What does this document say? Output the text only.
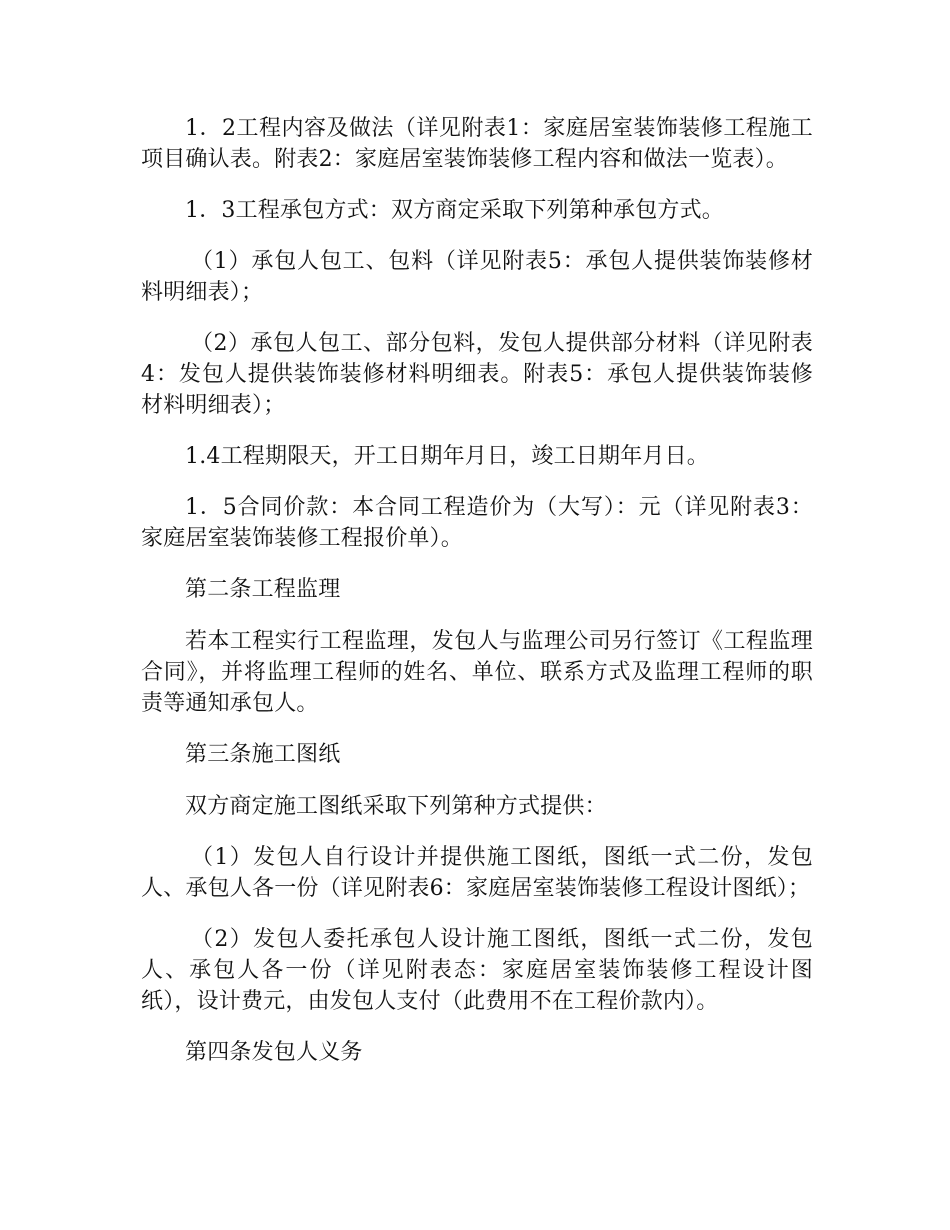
1．2工程内容及做法（详见附表1：家庭居室装饰装修工程施工项目确认表。附表2：家庭居室装饰装修工程内容和做法一览表）。

1．3工程承包方式：双方商定采取下列第种承包方式。

（1）承包人包工、包料（详见附表5：承包人提供装饰装修材料明细表）；

（2）承包人包工、部分包料，发包人提供部分材料（详见附表4：发包人提供装饰装修材料明细表。附表5：承包人提供装饰装修材料明细表）；

1.4工程期限天，开工日期年月日，竣工日期年月日。

1．5合同价款：本合同工程造价为（大写）：元（详见附表3：家庭居室装饰装修工程报价单）。

第二条工程监理

若本工程实行工程监理，发包人与监理公司另行签订《工程监理合同》，并将监理工程师的姓名、单位、联系方式及监理工程师的职责等通知承包人。

第三条施工图纸

双方商定施工图纸采取下列第种方式提供：

（1）发包人自行设计并提供施工图纸，图纸一式二份，发包人、承包人各一份（详见附表6：家庭居室装饰装修工程设计图纸）；

（2）发包人委托承包人设计施工图纸，图纸一式二份，发包人、承包人各一份（详见附表态：家庭居室装饰装修工程设计图纸），设计费元，由发包人支付（此费用不在工程价款内）。

第四条发包人义务
